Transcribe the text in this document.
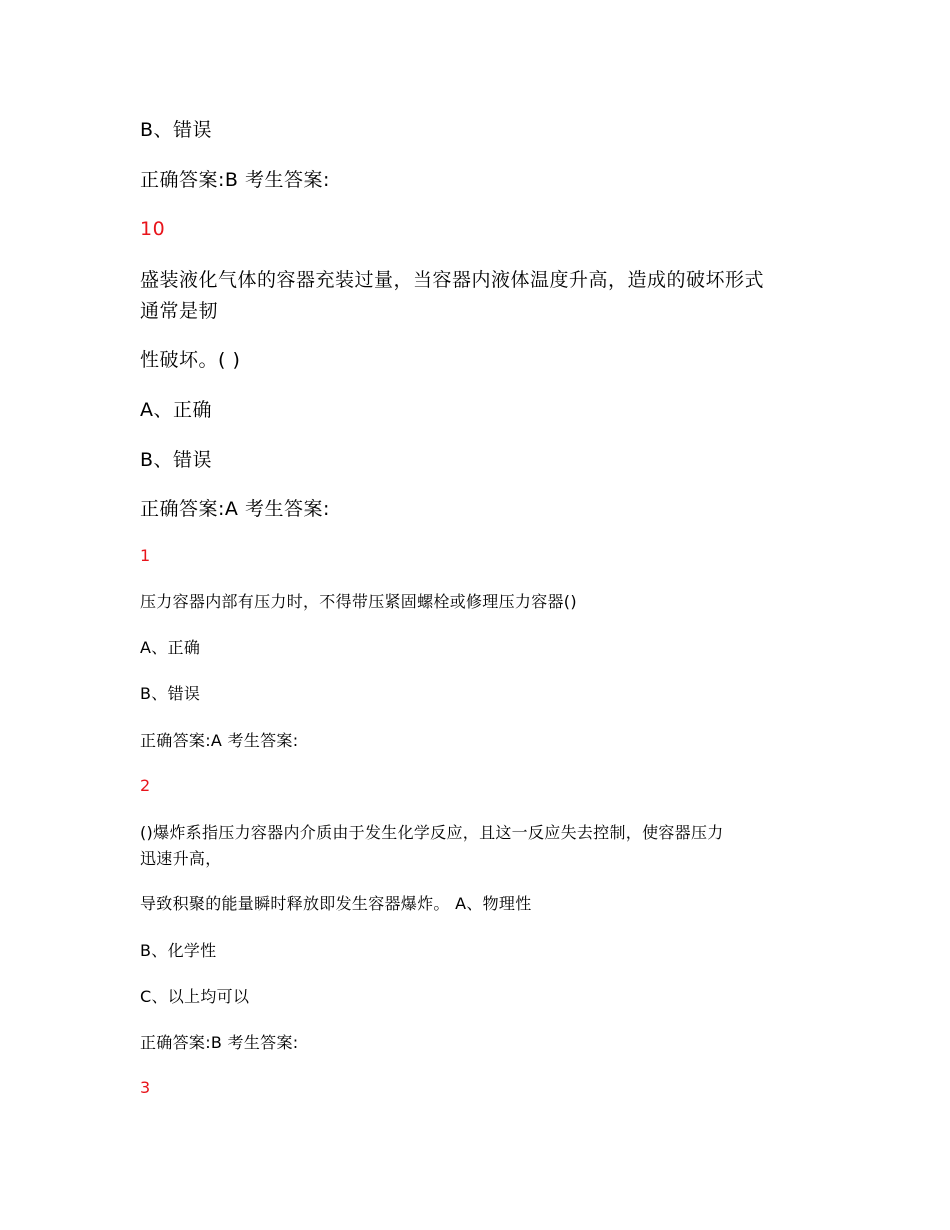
B、错误
正确答案:B 考生答案:
10
盛装液化气体的容器充装过量，当容器内液体温度升高，造成的破坏形式
通常是韧
性破坏。( )
A、正确
B、错误
正确答案:A 考生答案:
1
压力容器内部有压力时，不得带压紧固螺栓或修理压力容器()
A、正确
B、错误
正确答案:A 考生答案:
2
()爆炸系指压力容器内介质由于发生化学反应，且这一反应失去控制，使容器压力
迅速升高，
导致积聚的能量瞬时释放即发生容器爆炸。 A、物理性
B、化学性
C、以上均可以
正确答案:B 考生答案:
3
